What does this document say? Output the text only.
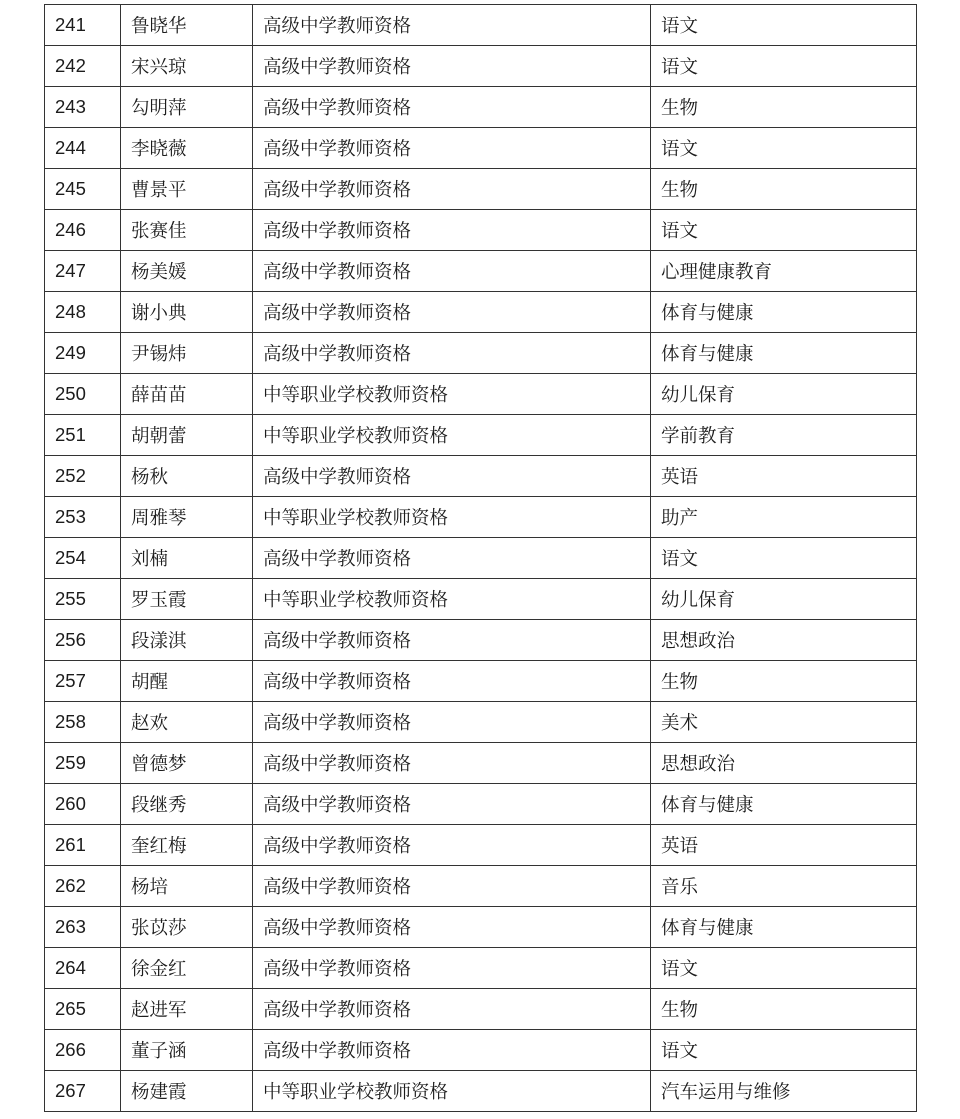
241	鲁晓华	高级中学教师资格	语文
242	宋兴琼	高级中学教师资格	语文
243	勾明萍	高级中学教师资格	生物
244	李晓薇	高级中学教师资格	语文
245	曹景平	高级中学教师资格	生物
246	张赛佳	高级中学教师资格	语文
247	杨美媛	高级中学教师资格	心理健康教育
248	谢小典	高级中学教师资格	体育与健康
249	尹锡炜	高级中学教师资格	体育与健康
250	薛苗苗	中等职业学校教师资格	幼儿保育
251	胡朝蕾	中等职业学校教师资格	学前教育
252	杨秋	高级中学教师资格	英语
253	周雅琴	中等职业学校教师资格	助产
254	刘楠	高级中学教师资格	语文
255	罗玉霞	中等职业学校教师资格	幼儿保育
256	段漾淇	高级中学教师资格	思想政治
257	胡醒	高级中学教师资格	生物
258	赵欢	高级中学教师资格	美术
259	曾德梦	高级中学教师资格	思想政治
260	段继秀	高级中学教师资格	体育与健康
261	奎红梅	高级中学教师资格	英语
262	杨培	高级中学教师资格	音乐
263	张苡莎	高级中学教师资格	体育与健康
264	徐金红	高级中学教师资格	语文
265	赵进军	高级中学教师资格	生物
266	董子涵	高级中学教师资格	语文
267	杨建霞	中等职业学校教师资格	汽车运用与维修
